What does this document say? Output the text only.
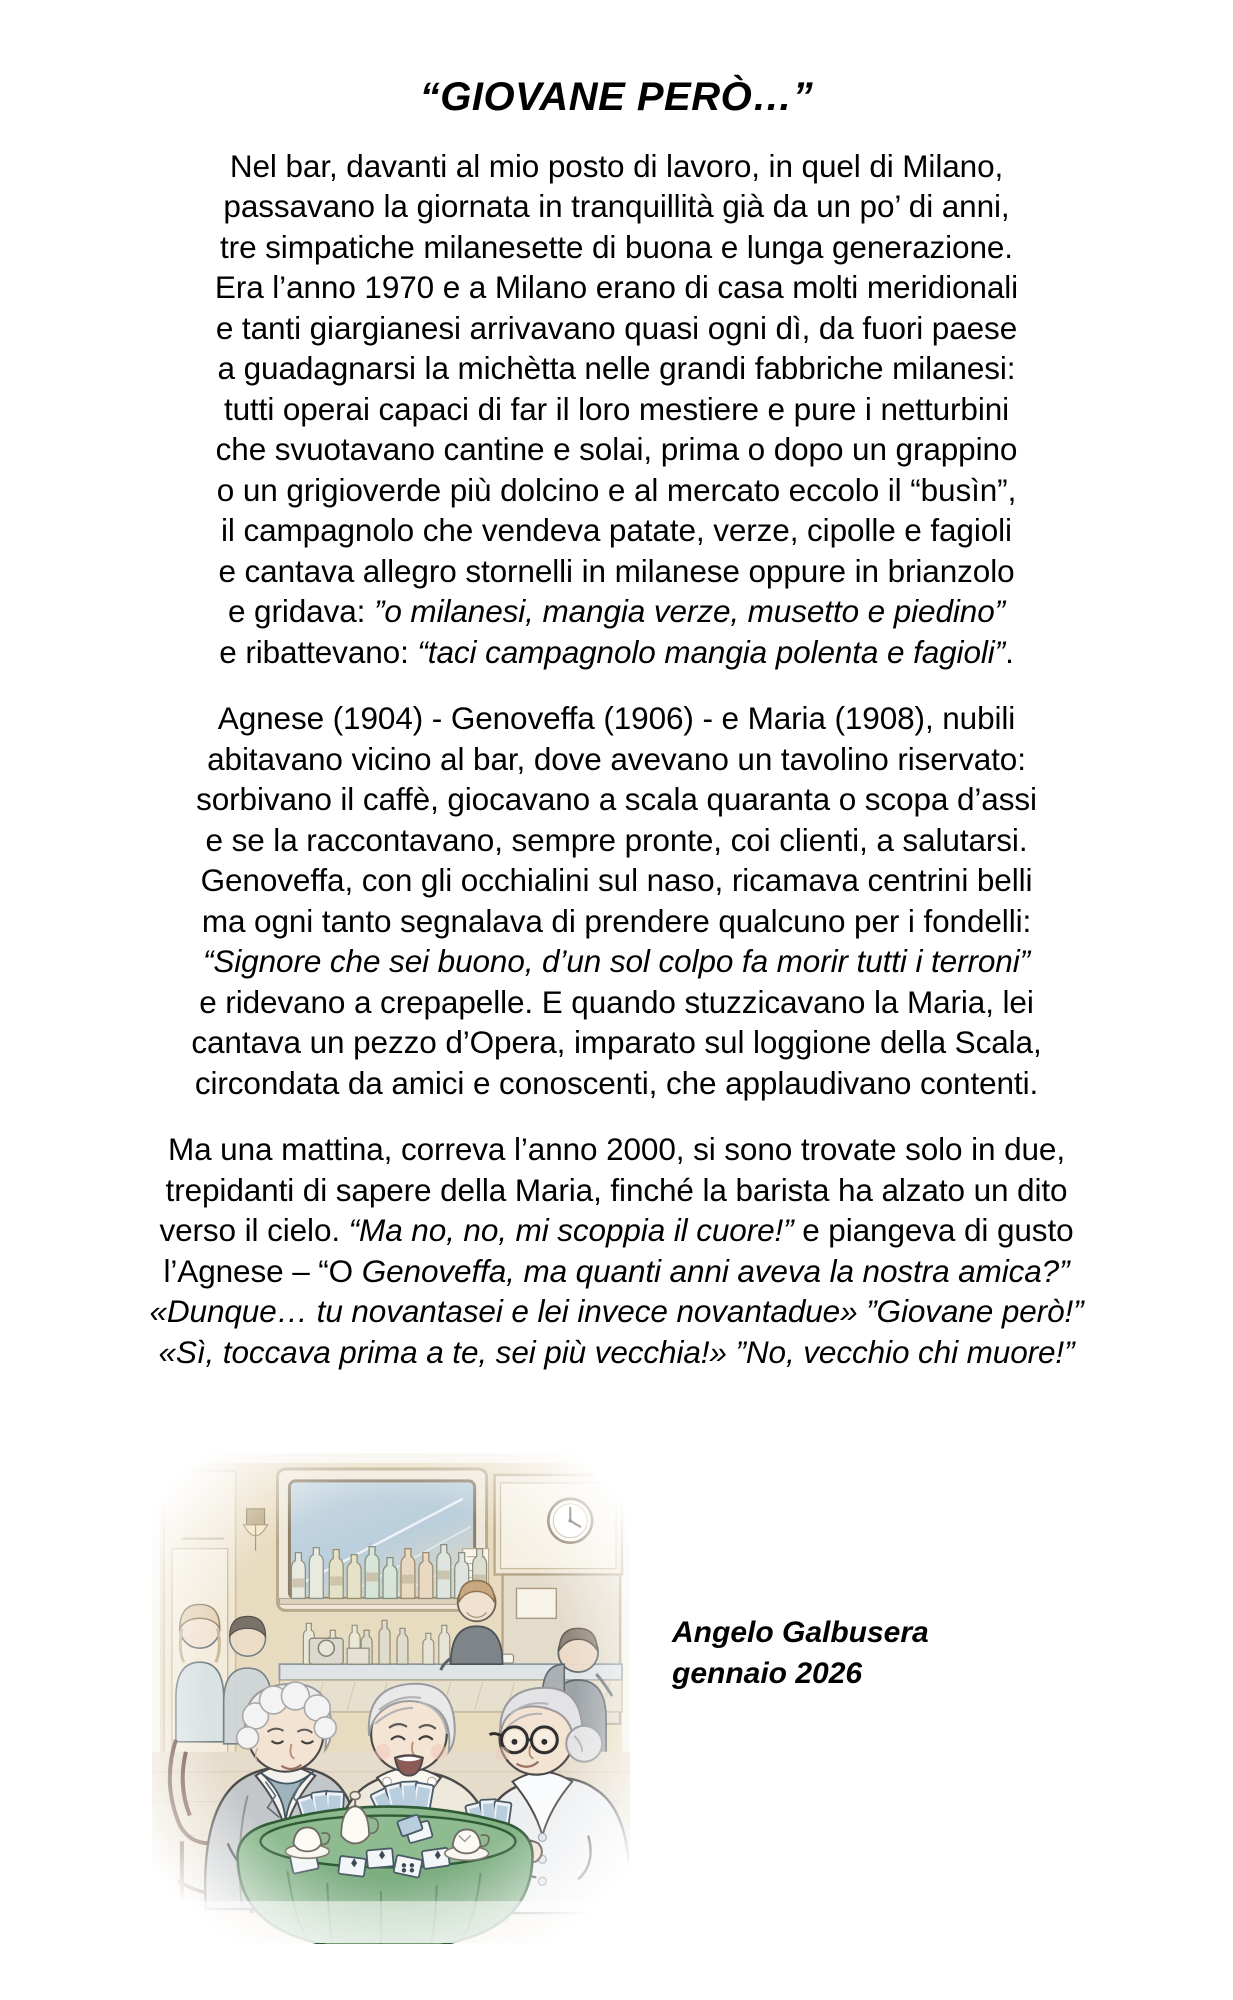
“GIOVANE PERÒ…”
Nel bar, davanti al mio posto di lavoro, in quel di Milano,
passavano la giornata in tranquillità già da un po’ di anni,
tre simpatiche milanesette di buona e lunga generazione.
Era l’anno 1970 e a Milano erano di casa molti meridionali
e tanti giargianesi arrivavano quasi ogni dì, da fuori paese
a guadagnarsi la michètta nelle grandi fabbriche milanesi:
tutti operai capaci di far il loro mestiere e pure i netturbini
che svuotavano cantine e solai, prima o dopo un grappino
o un grigioverde più dolcino e al mercato eccolo il “busìn”,
il campagnolo che vendeva patate, verze, cipolle e fagioli
e cantava allegro stornelli in milanese oppure in brianzolo
e gridava: ”o milanesi, mangia verze, musetto e piedino”
e ribattevano: “taci campagnolo mangia polenta e fagioli”.
Agnese (1904) - Genoveffa (1906) - e Maria (1908), nubili
abitavano vicino al bar, dove avevano un tavolino riservato:
sorbivano il caffè, giocavano a scala quaranta o scopa d’assi
e se la raccontavano, sempre pronte, coi clienti, a salutarsi.
Genoveffa, con gli occhialini sul naso, ricamava centrini belli
ma ogni tanto segnalava di prendere qualcuno per i fondelli:
“Signore che sei buono, d’un sol colpo fa morir tutti i terroni”
e ridevano a crepapelle. E quando stuzzicavano la Maria, lei
cantava un pezzo d’Opera, imparato sul loggione della Scala,
circondata da amici e conoscenti, che applaudivano contenti.
Ma una mattina, correva l’anno 2000, si sono trovate solo in due,
trepidanti di sapere della Maria, finché la barista ha alzato un dito
verso il cielo. “Ma no, no, mi scoppia il cuore!” e piangeva di gusto
l’Agnese – “O Genoveffa, ma quanti anni aveva la nostra amica?”
«Dunque… tu novantasei e lei invece novantadue» ”Giovane però!”
«Sì, toccava prima a te, sei più vecchia!» ”No, vecchio chi muore!”
Angelo Galbusera
gennaio 2026
